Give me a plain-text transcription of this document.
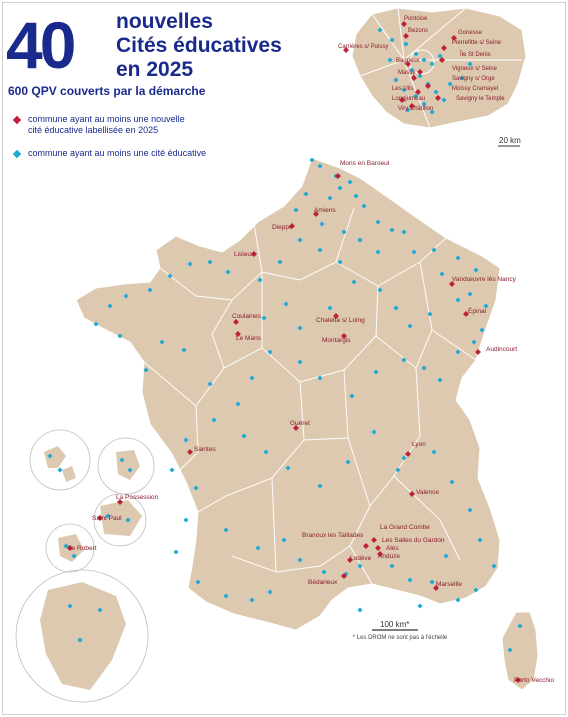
40 nouvelles
Cités éducatives
en 2025
600 QPV couverts par la démarche
commune ayant au moins une nouvelle
cité éducative labellisée en 2025
commune ayant au moins une cité éducative
20 km
100 km*
Mons en Baroeul
Amiens
Dieppe
Lisieux
Vandœuvre lès Nancy
Épinal
Audincourt
Coulaines
Le Mans
Chalette s/ Loing
Montargis
Guéret
Lyon
Saintes
Valence
La Grand Combe
Branoux les Taillades
Les Salles du Gardon
Alès
Anduze
Lodève
Bédarieux	Marseille
Porto Vecchio
La Possession
Saint Paul
Le Robert
Pontoise
Bezons	Gonesse
Carrières s/ Poissy
Pierrefitte s/ Seine
Île St Denis
Bagneux
Massy
Vigneux s/ Seine
Savigny s/ Orge
Moissy Cramayel
Les Ulis
Longjumeau	Savigny le Temple
Viry Châtillon
* Les DROM ne sont pas à l'échelle
